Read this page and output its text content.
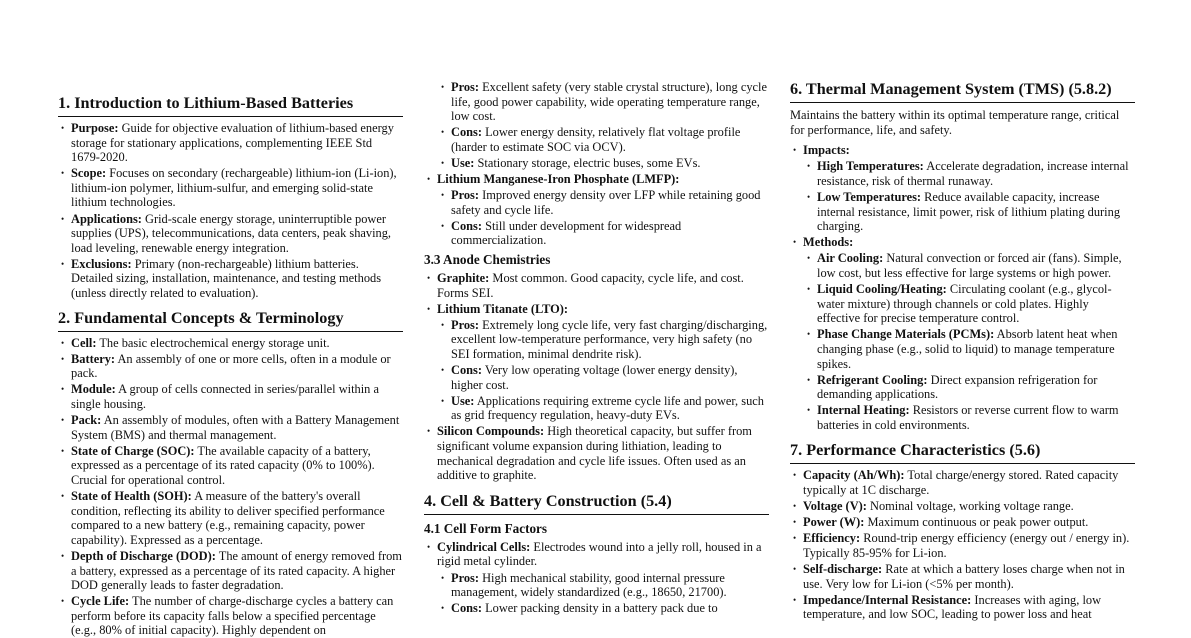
1. Introduction to Lithium-Based Batteries
• Purpose: Guide for objective evaluation of lithium-based energy storage for stationary applications, complementing IEEE Std 1679-2020.
• Scope: Focuses on secondary (rechargeable) lithium-ion (Li-ion), lithium-ion polymer, lithium-sulfur, and emerging solid-state lithium technologies.
• Applications: Grid-scale energy storage, uninterruptible power supplies (UPS), telecommunications, data centers, peak shaving, load leveling, renewable energy integration.
• Exclusions: Primary (non-rechargeable) lithium batteries. Detailed sizing, installation, maintenance, and testing methods (unless directly related to evaluation).
2. Fundamental Concepts & Terminology
• Cell: The basic electrochemical energy storage unit.
• Battery: An assembly of one or more cells, often in a module or pack.
• Module: A group of cells connected in series/parallel within a single housing.
• Pack: An assembly of modules, often with a Battery Management System (BMS) and thermal management.
• State of Charge (SOC): The available capacity of a battery, expressed as a percentage of its rated capacity (0% to 100%). Crucial for operational control.
• State of Health (SOH): A measure of the battery's overall condition, reflecting its ability to deliver specified performance compared to a new battery (e.g., remaining capacity, power capability). Expressed as a percentage.
• Depth of Discharge (DOD): The amount of energy removed from a battery, expressed as a percentage of its rated capacity. A higher DOD generally leads to faster degradation.
• Cycle Life: The number of charge-discharge cycles a battery can perform before its capacity falls below a specified percentage (e.g., 80% of initial capacity). Highly dependent on
• Pros: Excellent safety (very stable crystal structure), long cycle life, good power capability, wide operating temperature range, low cost.
• Cons: Lower energy density, relatively flat voltage profile (harder to estimate SOC via OCV).
• Use: Stationary storage, electric buses, some EVs.
• Lithium Manganese-Iron Phosphate (LMFP):
• Pros: Improved energy density over LFP while retaining good safety and cycle life.
• Cons: Still under development for widespread commercialization.
3.3 Anode Chemistries
• Graphite: Most common. Good capacity, cycle life, and cost. Forms SEI.
• Lithium Titanate (LTO):
• Pros: Extremely long cycle life, very fast charging/discharging, excellent low-temperature performance, very high safety (no SEI formation, minimal dendrite risk).
• Cons: Very low operating voltage (lower energy density), higher cost.
• Use: Applications requiring extreme cycle life and power, such as grid frequency regulation, heavy-duty EVs.
• Silicon Compounds: High theoretical capacity, but suffer from significant volume expansion during lithiation, leading to mechanical degradation and cycle life issues. Often used as an additive to graphite.
4. Cell & Battery Construction (5.4)
4.1 Cell Form Factors
• Cylindrical Cells: Electrodes wound into a jelly roll, housed in a rigid metal cylinder.
• Pros: High mechanical stability, good internal pressure management, widely standardized (e.g., 18650, 21700).
• Cons: Lower packing density in a battery pack due to
6. Thermal Management System (TMS) (5.8.2)

Maintains the battery within its optimal temperature range, critical for performance, life, and safety.

• Impacts:
• High Temperatures: Accelerate degradation, increase internal resistance, risk of thermal runaway.
• Low Temperatures: Reduce available capacity, increase internal resistance, limit power, risk of lithium plating during charging.
• Methods:
• Air Cooling: Natural convection or forced air (fans). Simple, low cost, but less effective for large systems or high power.
• Liquid Cooling/Heating: Circulating coolant (e.g., glycol-water mixture) through channels or cold plates. Highly effective for precise temperature control.
• Phase Change Materials (PCMs): Absorb latent heat when changing phase (e.g., solid to liquid) to manage temperature spikes.
• Refrigerant Cooling: Direct expansion refrigeration for demanding applications.
• Internal Heating: Resistors or reverse current flow to warm batteries in cold environments.
7. Performance Characteristics (5.6)
• Capacity (Ah/Wh): Total charge/energy stored. Rated capacity typically at 1C discharge.
• Voltage (V): Nominal voltage, working voltage range.
• Power (W): Maximum continuous or peak power output.
• Efficiency: Round-trip energy efficiency (energy out / energy in). Typically 85-95% for Li-ion.
• Self-discharge: Rate at which a battery loses charge when not in use. Very low for Li-ion (<5% per month).
• Impedance/Internal Resistance: Increases with aging, low temperature, and low SOC, leading to power loss and heat
